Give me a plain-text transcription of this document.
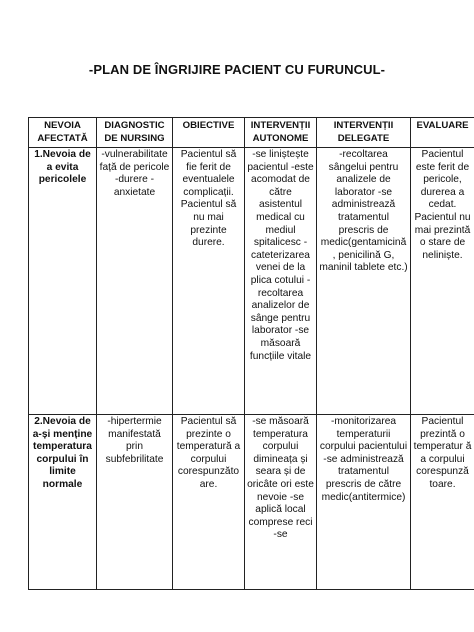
-PLAN DE ÎNGRIJIRE PACIENT CU FURUNCUL-
NEVOIA AFECTATĂ	DIAGNOSTIC DE NURSING	OBIECTIVE	INTERVENȚII AUTONOME	INTERVENȚII DELEGATE	EVALUARE
1.Nevoia de a evita pericolele	-vulnerabilitate față de pericole -durere -anxietate	Pacientul să fie ferit de eventualele complicații. Pacientul să nu mai prezinte durere.	-se liniștește pacientul -este acomodat de către asistentul medical cu mediul spitalicesc -cateterizarea venei de la plica cotului -recoltarea analizelor de sânge pentru laborator -se măsoară funcțiile vitale	-recoltarea sângelui pentru analizele de laborator -se administrează tratamentul prescris de medic(gentamicină , penicilină G, maninil tablete etc.)	Pacientul este ferit de pericole, durerea a cedat. Pacientul nu mai prezintă o stare de neliniște.
2.Nevoia de a-și menține temperatura corpului în limite normale	-hipertermie manifestată prin subfebrilitate	Pacientul să prezinte o temperatură a corpului corespunzăto are.	-se măsoară temperatura corpului dimineața și seara și de oricâte ori este nevoie -se aplică local comprese reci -se	-monitorizarea temperaturii corpului pacientului -se administrează tratamentul prescris de către medic(antitermice)	Pacientul prezintă o temperatur ă a corpului corespunză toare.
